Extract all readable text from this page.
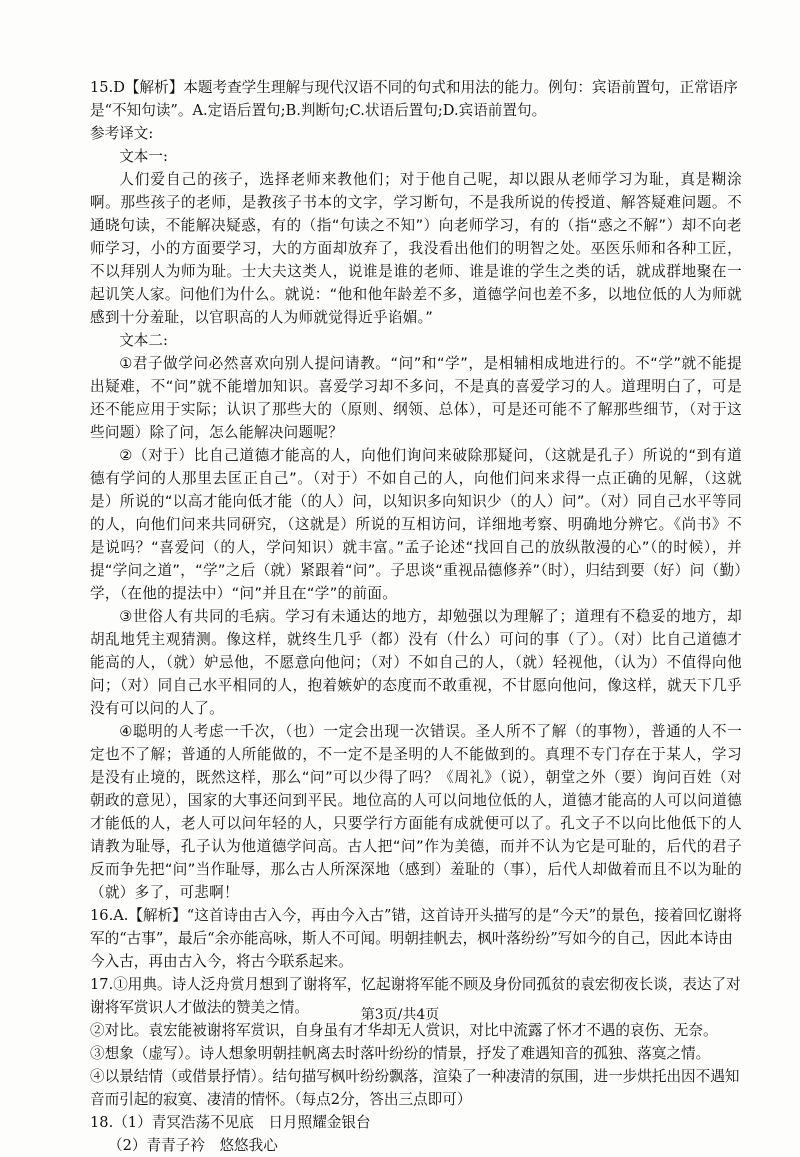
15.D【解析】本题考查学生理解与现代汉语不同的句式和用法的能力。例句：宾语前置句，正常语序是“不知句读”。A.定语后置句;B.判断句;C.状语后置句;D.宾语前置句。

参考译文:

文本一:

人们爱自己的孩子，选择老师来教他们；对于他自己呢，却以跟从老师学习为耻，真是糊涂啊。那些孩子的老师，是教孩子书本的文字，学习断句，不是我所说的传授道、解答疑难问题。不通晓句读，不能解决疑惑，有的（指“句读之不知”）向老师学习，有的（指“惑之不解”）却不向老师学习，小的方面要学习，大的方面却放弃了，我没看出他们的明智之处。巫医乐师和各种工匠，不以拜别人为师为耻。士大夫这类人，说谁是谁的老师、谁是谁的学生之类的话，就成群地聚在一起讥笑人家。问他们为什么。就说：“他和他年龄差不多，道德学问也差不多，以地位低的人为师就感到十分羞耻，以官职高的人为师就觉得近乎谄媚。”

文本二:

①君子做学问必然喜欢向别人提问请教。“问”和“学”，是相辅相成地进行的。不“学”就不能提出疑难，不“问”就不能增加知识。喜爱学习却不多问，不是真的喜爱学习的人。道理明白了，可是还不能应用于实际；认识了那些大的（原则、纲领、总体），可是还可能不了解那些细节，（对于这些问题）除了问，怎么能解决问题呢？

②（对于）比自己道德才能高的人，向他们询问来破除那疑问，（这就是孔子）所说的“到有道德有学问的人那里去匡正自己”。（对于）不如自己的人，向他们问来求得一点正确的见解，（这就是）所说的“以高才能向低才能（的人）问，以知识多向知识少（的人）问”。（对）同自己水平等同的人，向他们问来共同研究，（这就是）所说的互相访问，详细地考察、明确地分辨它。《尚书》不是说吗？“喜爱问（的人，学问知识）就丰富。”孟子论述“找回自己的放纵散漫的心”（的时候），并提“学问之道”，“学”之后（就）紧跟着“问”。子思谈“重视品德修养”（时），归结到要（好）问（勤）学，（在他的提法中）“问”并且在“学”的前面。

③世俗人有共同的毛病。学习有未通达的地方，却勉强以为理解了；道理有不稳妥的地方，却胡乱地凭主观猜测。像这样，就终生几乎（都）没有（什么）可问的事（了）。（对）比自己道德才能高的人，（就）妒忌他，不愿意向他问；（对）不如自己的人，（就）轻视他，（认为）不值得向他问；（对）同自己水平相同的人，抱着嫉妒的态度而不敢重视，不甘愿向他问，像这样，就天下几乎没有可以问的人了。

④聪明的人考虑一千次，（也）一定会出现一次错误。圣人所不了解（的事物），普通的人不一定也不了解；普通的人所能做的，不一定不是圣明的人不能做到的。真理不专门存在于某人，学习是没有止境的，既然这样，那么“问”可以少得了吗？《周礼》（说），朝堂之外（要）询问百姓（对朝政的意见），国家的大事还问到平民。地位高的人可以问地位低的人，道德才能高的人可以问道德才能低的人，老人可以问年轻的人，只要学行方面能有成就便可以了。孔文子不以向比他低下的人请教为耻辱，孔子认为他道德学问高。古人把“问”作为美德，而并不认为它是可耻的，后代的君子反而争先把“问”当作耻辱，那么古人所深深地（感到）羞耻的（事），后代人却做着而且不以为耻的（就）多了，可悲啊！

16.A.【解析】“这首诗由古入今，再由今入古”错，这首诗开头描写的是“今天”的景色，接着回忆谢将军的“古事”，最后“余亦能高咏，斯人不可闻。明朝挂帆去，枫叶落纷纷”写如今的自己，因此本诗由今入古，再由古入今，将古今联系起来。

17.①用典。诗人泛舟赏月想到了谢将军，忆起谢将军能不顾及身份同孤贫的袁宏彻夜长谈，表达了对谢将军赏识人才做法的赞美之情。

②对比。袁宏能被谢将军赏识，自身虽有才华却无人赏识，对比中流露了怀才不遇的哀伤、无奈。

③想象（虚写）。诗人想象明朝挂帆离去时落叶纷纷的情景，抒发了难遇知音的孤独、落寞之情。

④以景结情（或借景抒情）。结句描写枫叶纷纷飘落，渲染了一种凄清的氛围，进一步烘托出因不遇知音而引起的寂寞、凄清的情怀。（每点2分，答出三点即可）

18.（1）青冥浩荡不见底　日月照耀金银台

（2）青青子衿　悠悠我心

第3页/共4页
